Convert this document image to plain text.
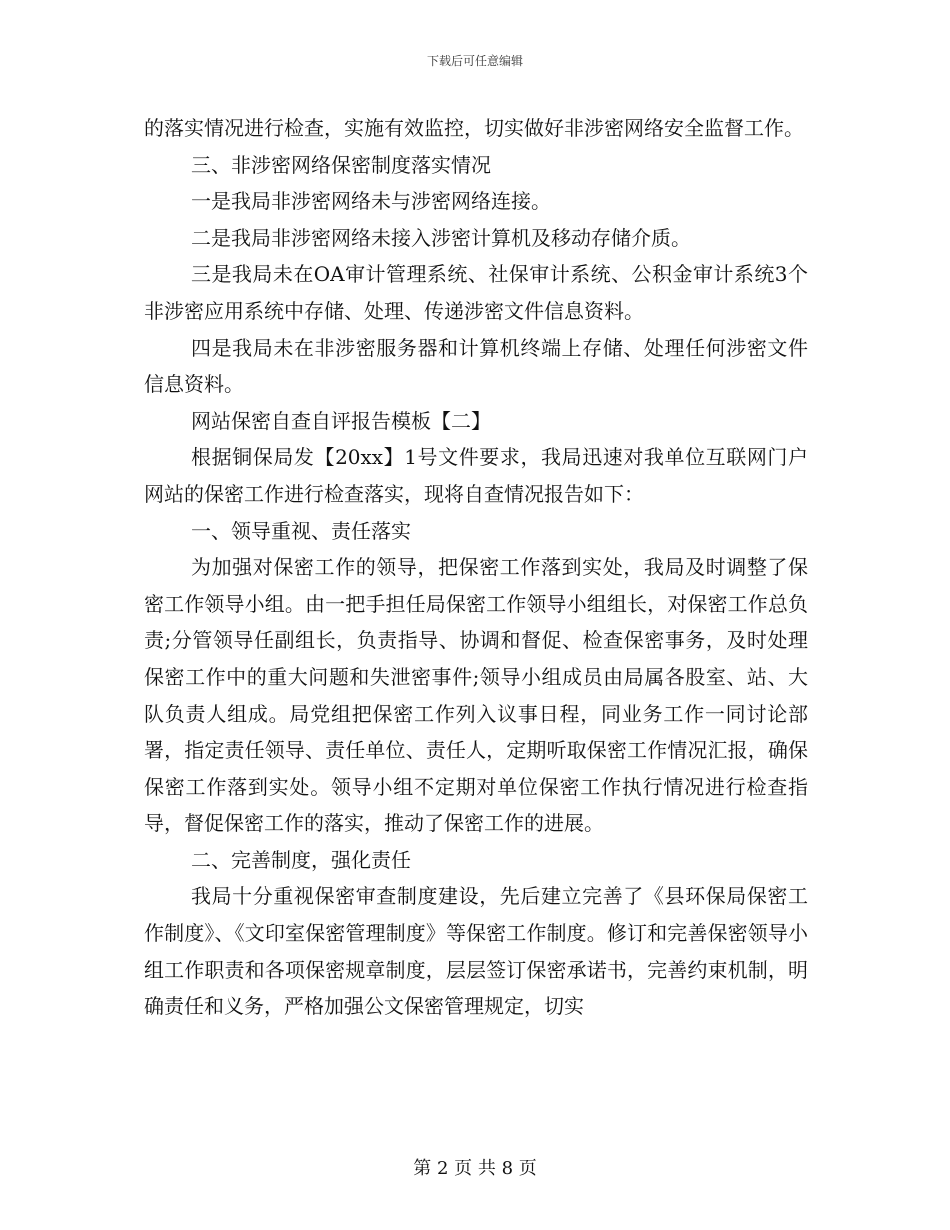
下载后可任意编辑

的落实情况进行检查，实施有效监控，切实做好非涉密网络安全监督工作。

三、非涉密网络保密制度落实情况

一是我局非涉密网络未与涉密网络连接。

二是我局非涉密网络未接入涉密计算机及移动存储介质。

三是我局未在OA审计管理系统、社保审计系统、公积金审计系统3个非涉密应用系统中存储、处理、传递涉密文件信息资料。

四是我局未在非涉密服务器和计算机终端上存储、处理任何涉密文件信息资料。

网站保密自查自评报告模板【二】

根据铜保局发【20xx】1号文件要求，我局迅速对我单位互联网门户网站的保密工作进行检查落实，现将自查情况报告如下：

一、领导重视、责任落实

为加强对保密工作的领导，把保密工作落到实处，我局及时调整了保密工作领导小组。由一把手担任局保密工作领导小组组长，对保密工作总负责;分管领导任副组长，负责指导、协调和督促、检查保密事务，及时处理保密工作中的重大问题和失泄密事件;领导小组成员由局属各股室、站、大队负责人组成。局党组把保密工作列入议事日程，同业务工作一同讨论部署，指定责任领导、责任单位、责任人，定期听取保密工作情况汇报，确保保密工作落到实处。领导小组不定期对单位保密工作执行情况进行检查指导，督促保密工作的落实，推动了保密工作的进展。

二、完善制度，强化责任

我局十分重视保密审查制度建设，先后建立完善了《县环保局保密工作制度》、《文印室保密管理制度》等保密工作制度。修订和完善保密领导小组工作职责和各项保密规章制度，层层签订保密承诺书，完善约束机制，明确责任和义务，严格加强公文保密管理规定，切实

第 2 页 共 8 页
